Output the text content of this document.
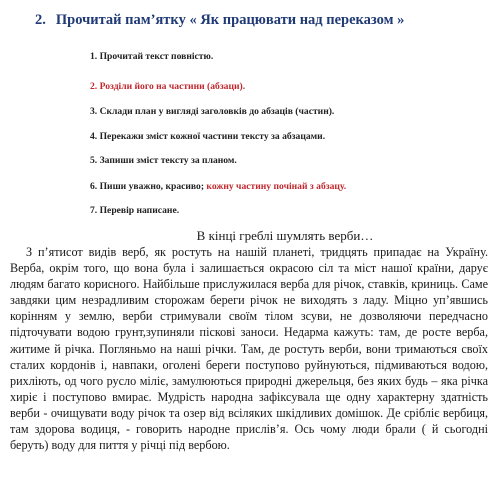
2. Прочитай пам’ятку « Як працювати над переказом »
1. Прочитай текст повністю.
2. Розділи його на частини (абзаци).
3. Склади план у вигляді заголовків до абзаців (частин).
4. Перекажи зміст кожної частини тексту за абзацами.
5. Запиши зміст тексту за планом.
6. Пиши уважно, красиво; кожну частину почінай з абзацу.
7. Перевір написане.
В кінці греблі шумлять верби…

З п’ятисот видів верб, як ростуть на нашій планеті, тридцять припадає на Україну. Верба, окрім того, що вона була і залишається окрасою сіл та міст нашої країни, дарує людям багато корисного. Найбільше прислужилася верба для річок, ставків, криниць. Саме завдяки цим незрадливим сторожам береги річок не виходять з ладу. Міцно уп’явшись корінням у землю, верби стримували своїм тілом зсуви, не дозволяючи передчасно підточувати водою грунт,зупиняли піскові заноси. Недарма кажуть: там, де росте верба, житиме й річка. Погляньмо на наші річки. Там, де ростуть верби, вони тримаються своїх сталих кордонів і, навпаки, оголені береги поступово руйнуються, підмиваються водою, рихліють, од чого русло міліє, замулюються природні джерельця, без яких будь – яка річка хиріє і поступово вмирає. Мудрість народна зафіксувала ще одну характерну здатність верби - очищувати воду річок та озер від всіляких шкідливих домішок. Де сріблiє вербиця, там здорова водиця, - говорить народне прислів’я. Ось чому люди брали ( й сьогодні беруть) воду для пиття у річці під вербою.
